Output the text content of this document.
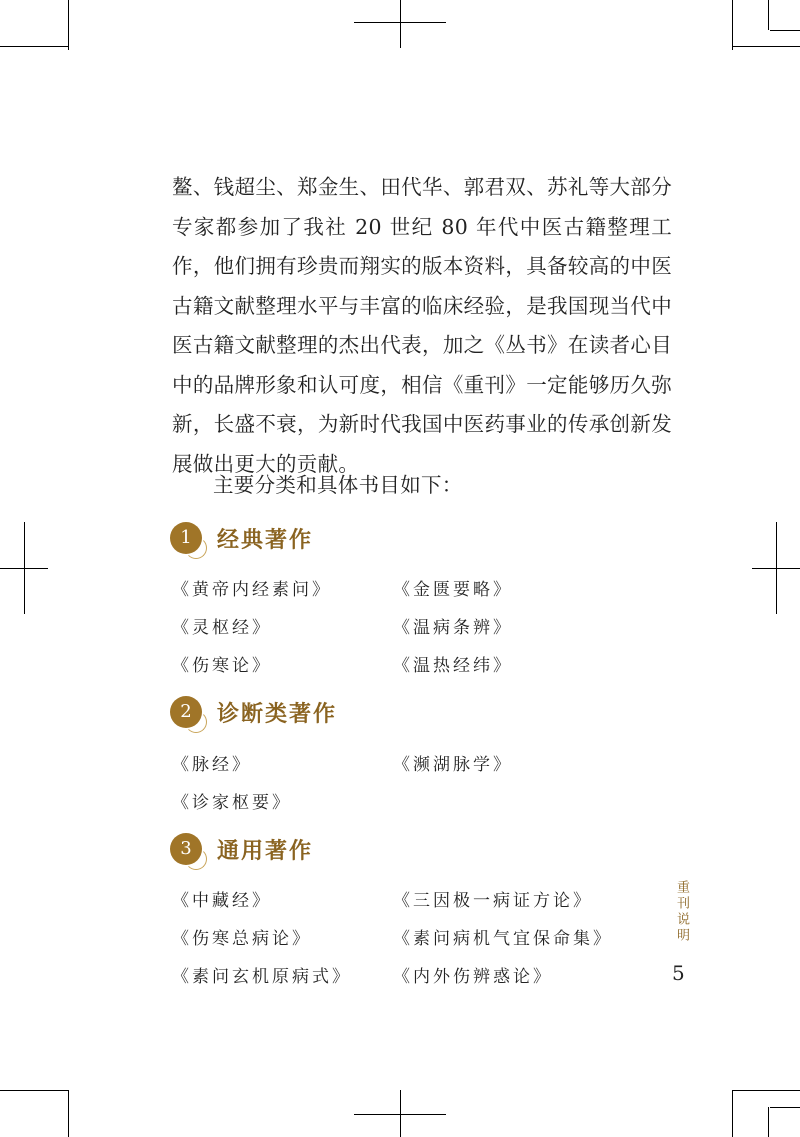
鳌、钱超尘、郑金生、田代华、郭君双、苏礼等大部分专家都参加了我社 20 世纪 80 年代中医古籍整理工作，他们拥有珍贵而翔实的版本资料，具备较高的中医古籍文献整理水平与丰富的临床经验，是我国现当代中医古籍文献整理的杰出代表，加之《丛书》在读者心目中的品牌形象和认可度，相信《重刊》一定能够历久弥新，长盛不衰，为新时代我国中医药事业的传承创新发展做出更大的贡献。
主要分类和具体书目如下：
1	经典著作
《黄帝内经素问》	《金匮要略》
《灵枢经》	《温病条辨》
《伤寒论》	《温热经纬》
2	诊断类著作
《脉经》	《濒湖脉学》
《诊家枢要》
3	通用著作
《中藏经》	《三因极一病证方论》
《伤寒总病论》	《素问病机气宜保命集》
《素问玄机原病式》 《内外伤辨惑论》
重刊说明
5
